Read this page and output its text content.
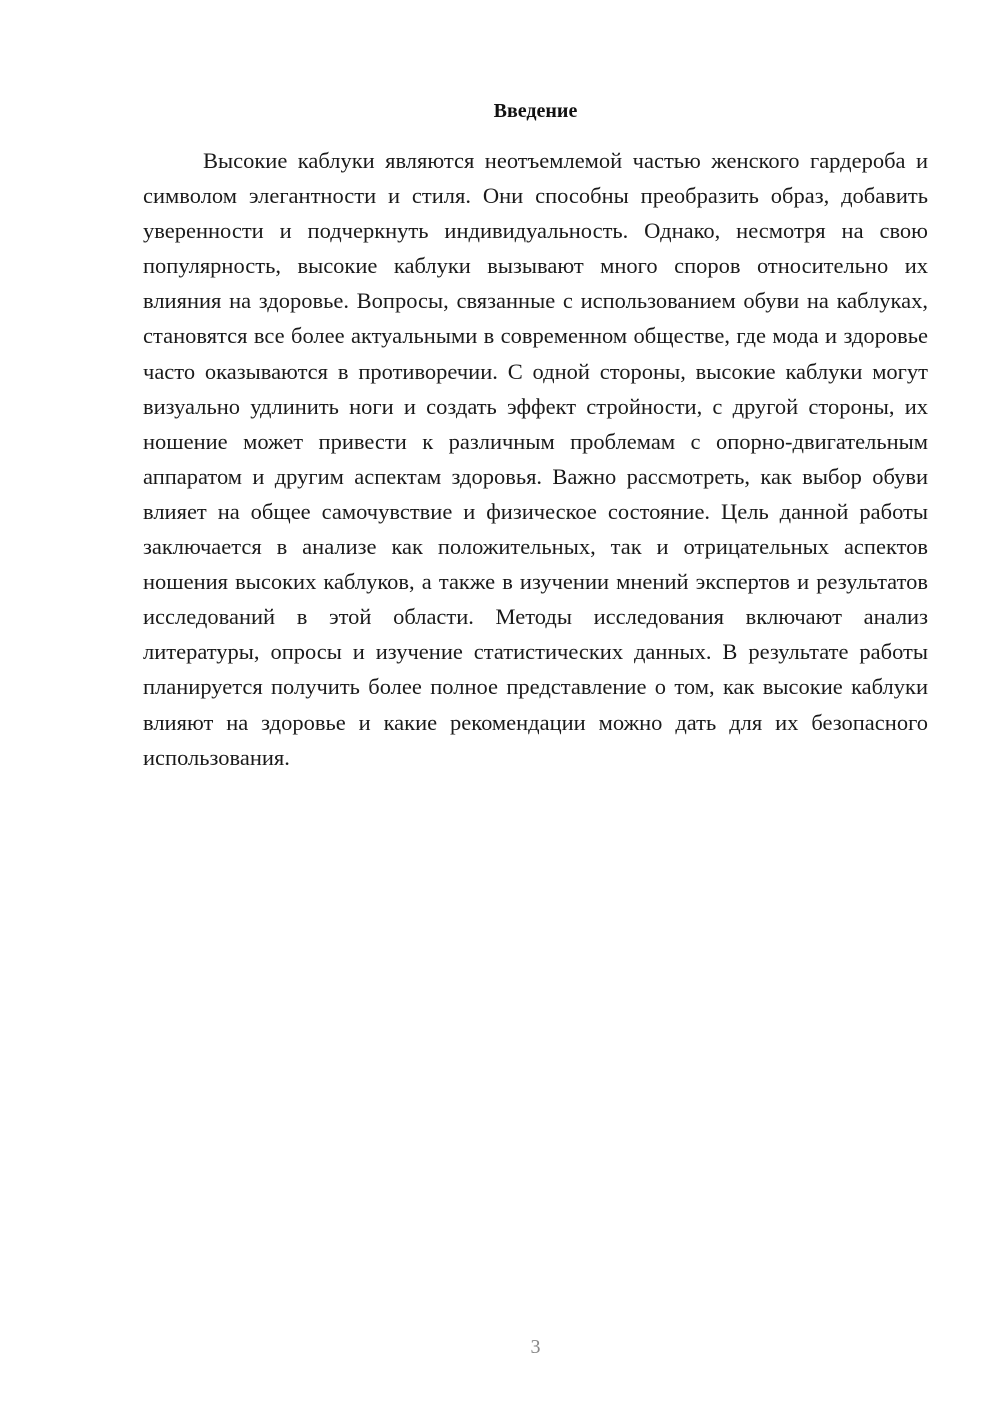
Введение

Высокие каблуки являются неотъемлемой частью женского гардероба и символом элегантности и стиля. Они способны преобразить образ, добавить уверенности и подчеркнуть индивидуальность. Однако, несмотря на свою популярность, высокие каблуки вызывают много споров относительно их влияния на здоровье. Вопросы, связанные с использованием обуви на каблуках, становятся все более актуальными в современном обществе, где мода и здоровье часто оказываются в противоречии. С одной стороны, высокие каблуки могут визуально удлинить ноги и создать эффект стройности, с другой стороны, их ношение может привести к различным проблемам с опорно-двигательным аппаратом и другим аспектам здоровья. Важно рассмотреть, как выбор обуви влияет на общее самочувствие и физическое состояние. Цель данной работы заключается в анализе как положительных, так и отрицательных аспектов ношения высоких каблуков, а также в изучении мнений экспертов и результатов исследований в этой области. Методы исследования включают анализ литературы, опросы и изучение статистических данных. В результате работы планируется получить более полное представление о том, как высокие каблуки влияют на здоровье и какие рекомендации можно дать для их безопасного использования.

3
